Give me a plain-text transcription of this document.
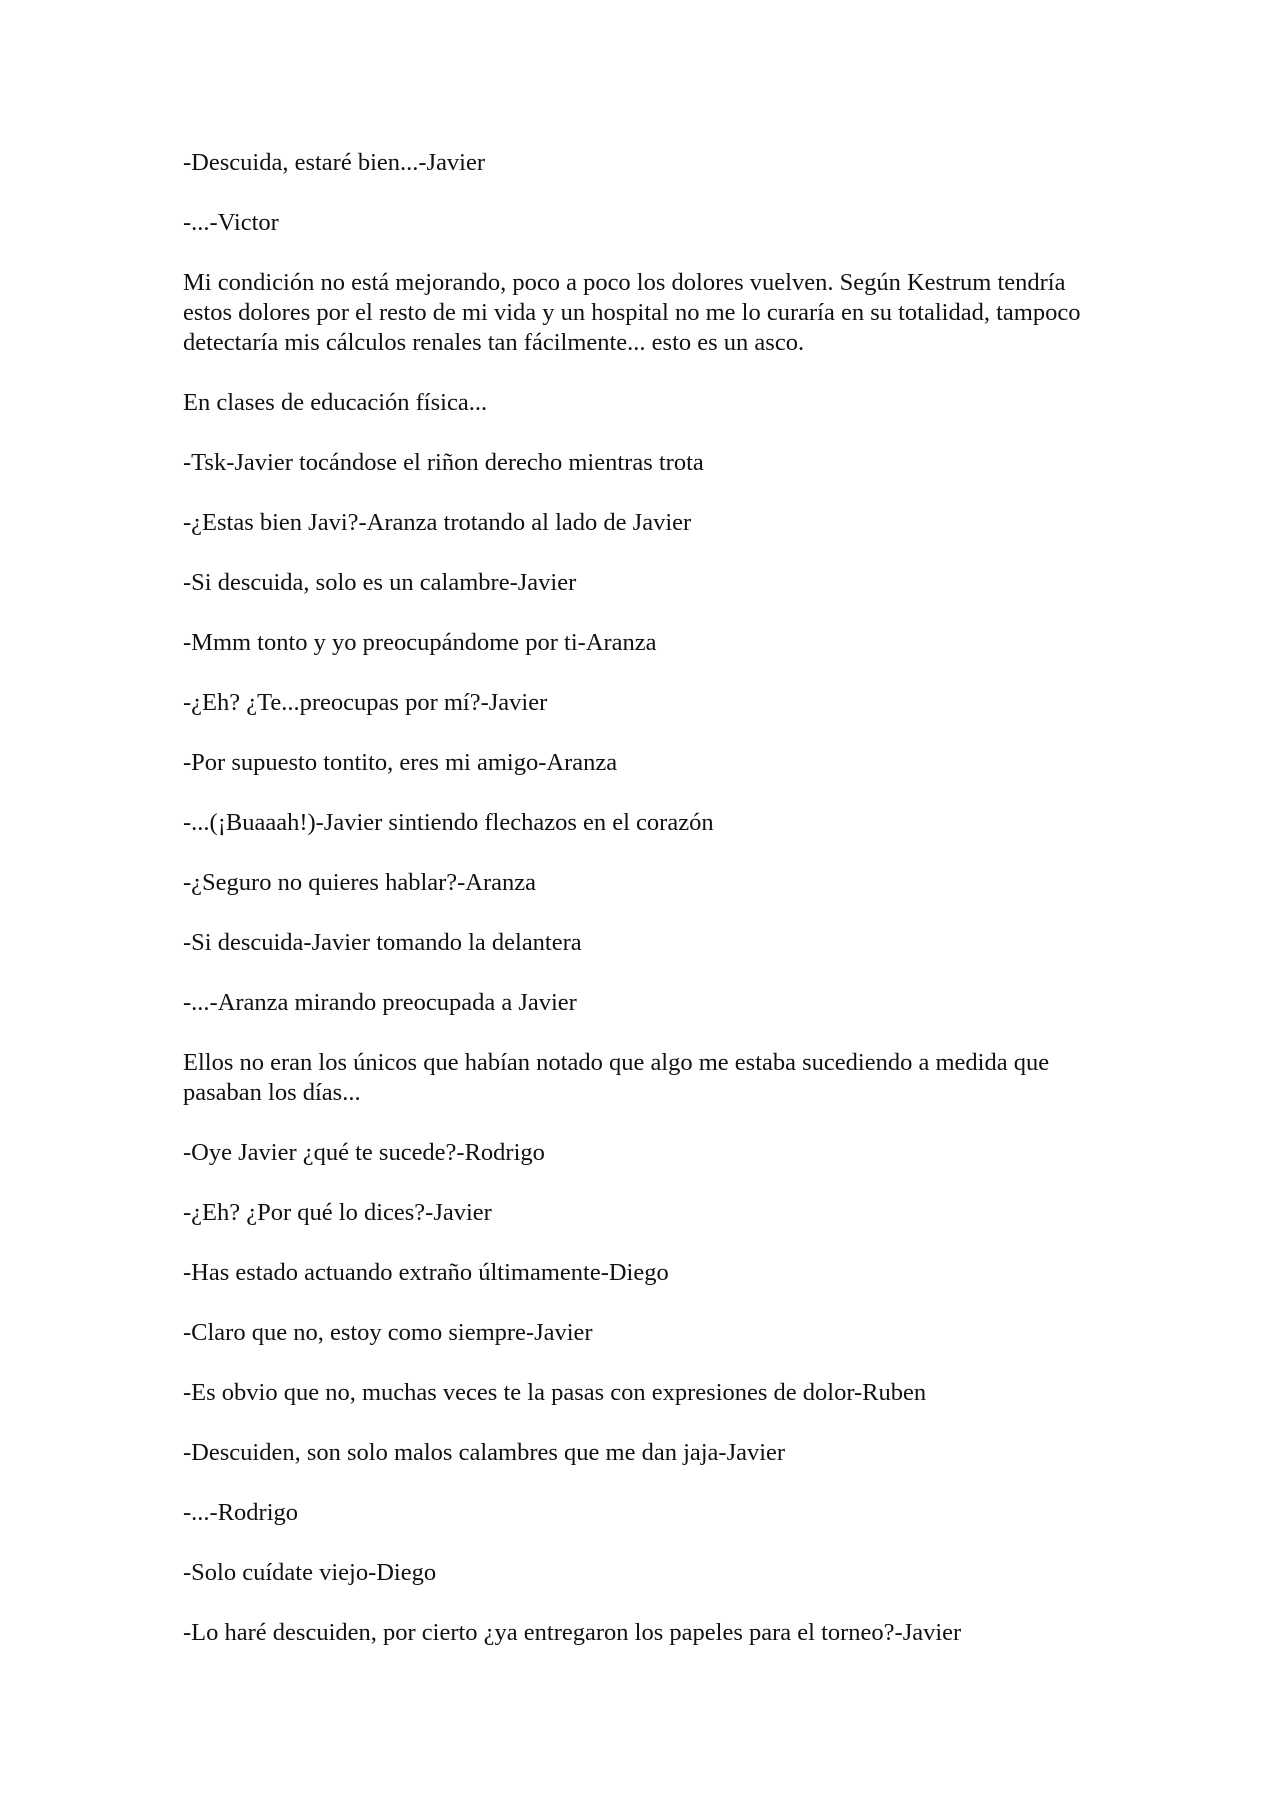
-Descuida, estaré bien...-Javier

-...-Victor

Mi condición no está mejorando, poco a poco los dolores vuelven. Según Kestrum tendría estos dolores por el resto de mi vida y un hospital no me lo curaría en su totalidad, tampoco detectaría mis cálculos renales tan fácilmente... esto es un asco.

En clases de educación física...

-Tsk-Javier tocándose el riñon derecho mientras trota

-¿Estas bien Javi?-Aranza trotando al lado de Javier

-Si descuida, solo es un calambre-Javier

-Mmm tonto y yo preocupándome por ti-Aranza

-¿Eh? ¿Te...preocupas por mí?-Javier

-Por supuesto tontito, eres mi amigo-Aranza

-...(¡Buaaah!)-Javier sintiendo flechazos en el corazón

-¿Seguro no quieres hablar?-Aranza

-Si descuida-Javier tomando la delantera

-...-Aranza mirando preocupada a Javier

Ellos no eran los únicos que habían notado que algo me estaba sucediendo a medida que pasaban los días...

-Oye Javier ¿qué te sucede?-Rodrigo

-¿Eh? ¿Por qué lo dices?-Javier

-Has estado actuando extraño últimamente-Diego

-Claro que no, estoy como siempre-Javier

-Es obvio que no, muchas veces te la pasas con expresiones de dolor-Ruben

-Descuiden, son solo malos calambres que me dan jaja-Javier

-...-Rodrigo

-Solo cuídate viejo-Diego

-Lo haré descuiden, por cierto ¿ya entregaron los papeles para el torneo?-Javier
